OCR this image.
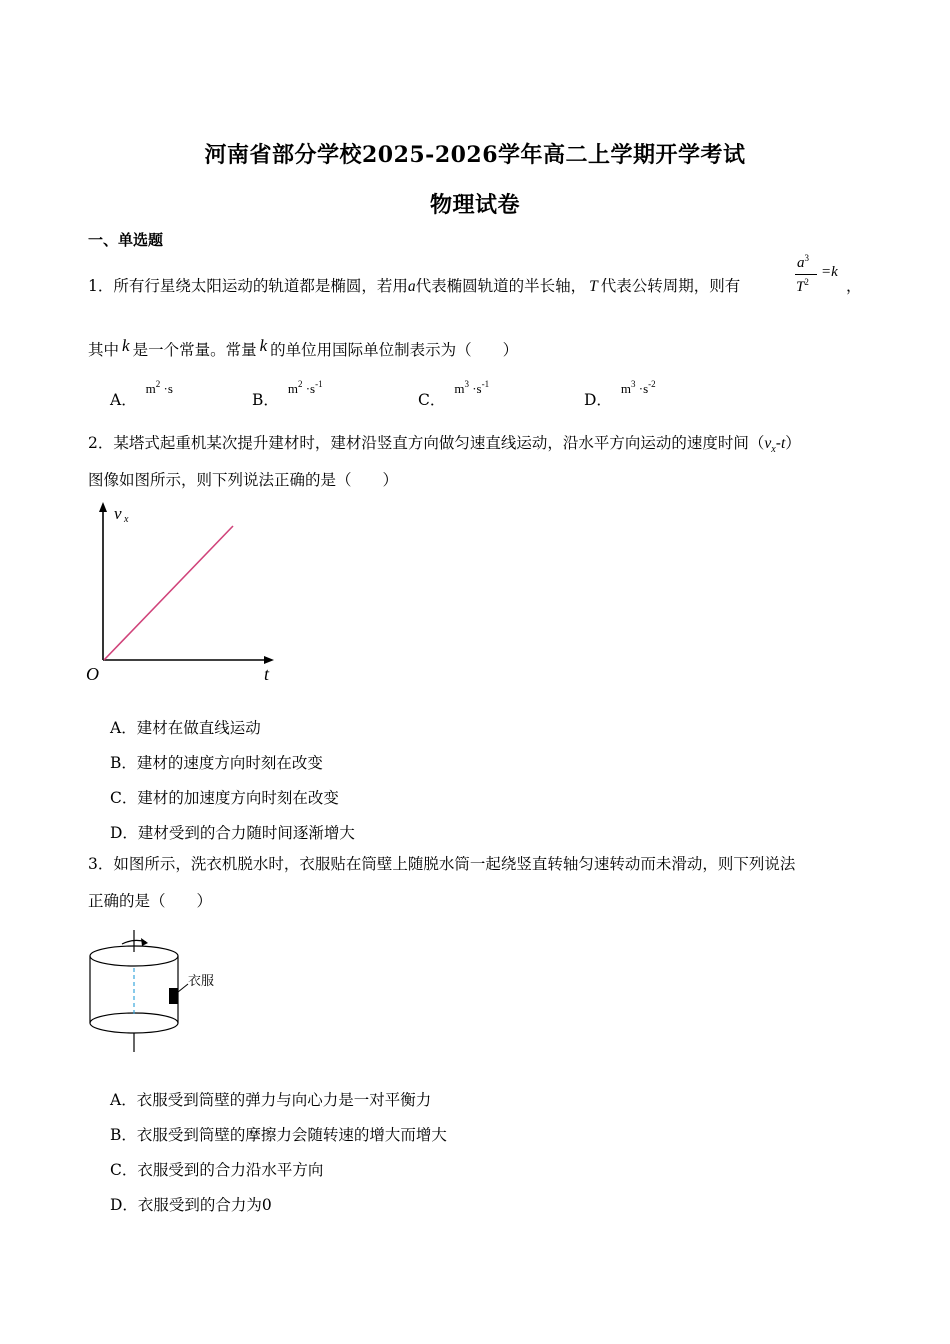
河南省部分学校2025-2026学年高二上学期开学考试
物理试卷
一、单选题
1．所有行星绕太阳运动的轨道都是椭圆，若用a代表椭圆轨道的半长轴， T 代表公转周期，则有
$a^3$
$T^2$
=k
，
其中 k 是一个常量。常量 k 的单位用国际单位制表示为（　　）
A． $^{m^2 \cdot s}$
B． $^{m^2 \cdot s^{-1}}$
C． $^{m^3 \cdot s^{-1}}$
D． $^{m^3 \cdot s^{-2}}$
2．某塔式起重机某次提升建材时，建材沿竖直方向做匀速直线运动，沿水平方向运动的速度时间$(v_x-t)$
图像如图所示，则下列说法正确的是（　　）
v x
t
O
A．建材在做直线运动
B．建材的速度方向时刻在改变
C．建材的加速度方向时刻在改变
D．建材受到的合力随时间逐渐增大
3．如图所示，洗衣机脱水时，衣服贴在筒壁上随脱水筒一起绕竖直转轴匀速转动而未滑动，则下列说法
正确的是（　　）
衣服
A．衣服受到筒壁的弹力与向心力是一对平衡力
B．衣服受到筒壁的摩擦力会随转速的增大而增大
C．衣服受到的合力沿水平方向
D．衣服受到的合力为0
